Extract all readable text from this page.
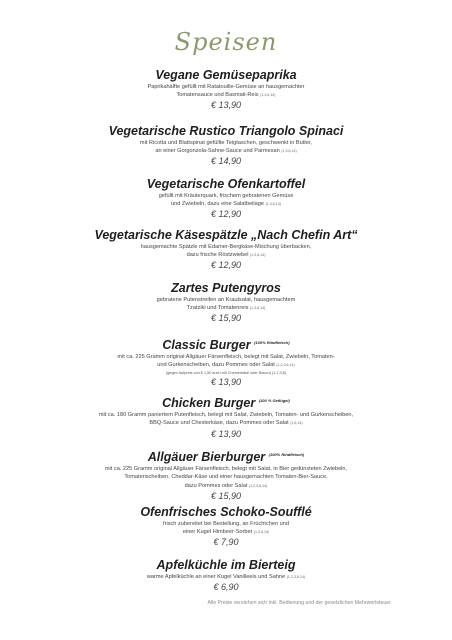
Speisen
Vegane Gemüsepaprika
Paprikahälfte gefüllt mit Ratatouille-Gemüse an hausgemachter
Tomatensauce und Basmati-Reis (1,3,6,14)
€ 13,90
Vegetarische Rustico Triangolo Spinaci
mit Ricotta und Blattspinat gefüllte Teigtaschen, geschwenkt in Butter,
an einer Gorgonzola-Sahne-Sauce und Parmesan (1,3,6,14)
€ 14,90
Vegetarische Ofenkartoffel
gefüllt mit Kräuterquark, frischem gebratenen Gemüse
und Zwiebeln, dazu eine Salatbeilage (1,3,6,14)
€ 12,90
Vegetarische Käsespätzle „Nach Chefin Art“
hausgemachte Spätzle mit Edamer-Bergkäse-Mischung überbacken,
dazu frische Röstzwiebel (1,3,6,14)
€ 12,90
Zartes Putengyros
gebratene Putenstreifen an Krautsalat, hausgemachtem
Tzatziki und Tomatenreis (1,3,6,14)
€ 15,90
Classic Burger $^{(100\% Rindfleisch)}$
mit ca. 225 Gramm original Allgäuer Färsenfleisch, belegt mit Salat, Zwiebeln, Tomaten-
und Gurkenscheiben, dazu Pommes oder Salat (1,2,3,6,14)
(gegen Aufpreis von € 1,50 auch mit Chesterkäse oder Bacon) (1,2,3,8)
€ 13,90
Chicken Burger $^{(100 \% Geflügel)}$
mit ca. 180 Gramm paniertem Putenfleisch, belegt mit Salat, Zwiebeln, Tomaten- und Gurkenscheiben,
BBQ-Sauce und Chesterkäse, dazu Pommes oder Salat (1,6,14)
€ 13,90
Allgäuer Bierburger $^{(100\% Rindfleisch)}$
mit ca. 225 Gramm original Allgäuer Färsenfleisch, belegt mit Salat, in Bier gedünsteten Zwiebeln,
Tomatenscheiben, Cheddar-Käse und einer hausgemachten Tomaten-Bier-Sauce,
dazu Pommes oder Salat (1,2,3,6,14)
€ 15,90
Ofenfrisches Schoko-Soufflé
frisch zubereitet bei Bestellung, an Früchtchen und
einer Kugel Himbeer-Sorbet (1,3,6,14)
€ 7,90
Apfelküchle im Bierteig
warme Apfelküchle an einer Kugel Vanilleeis und Sahne (1,2,3,6,14)
€ 6,90
Alle Preise verstehen sich inkl. Bedienung und der gesetzlichen Mehrwertsteuer.
